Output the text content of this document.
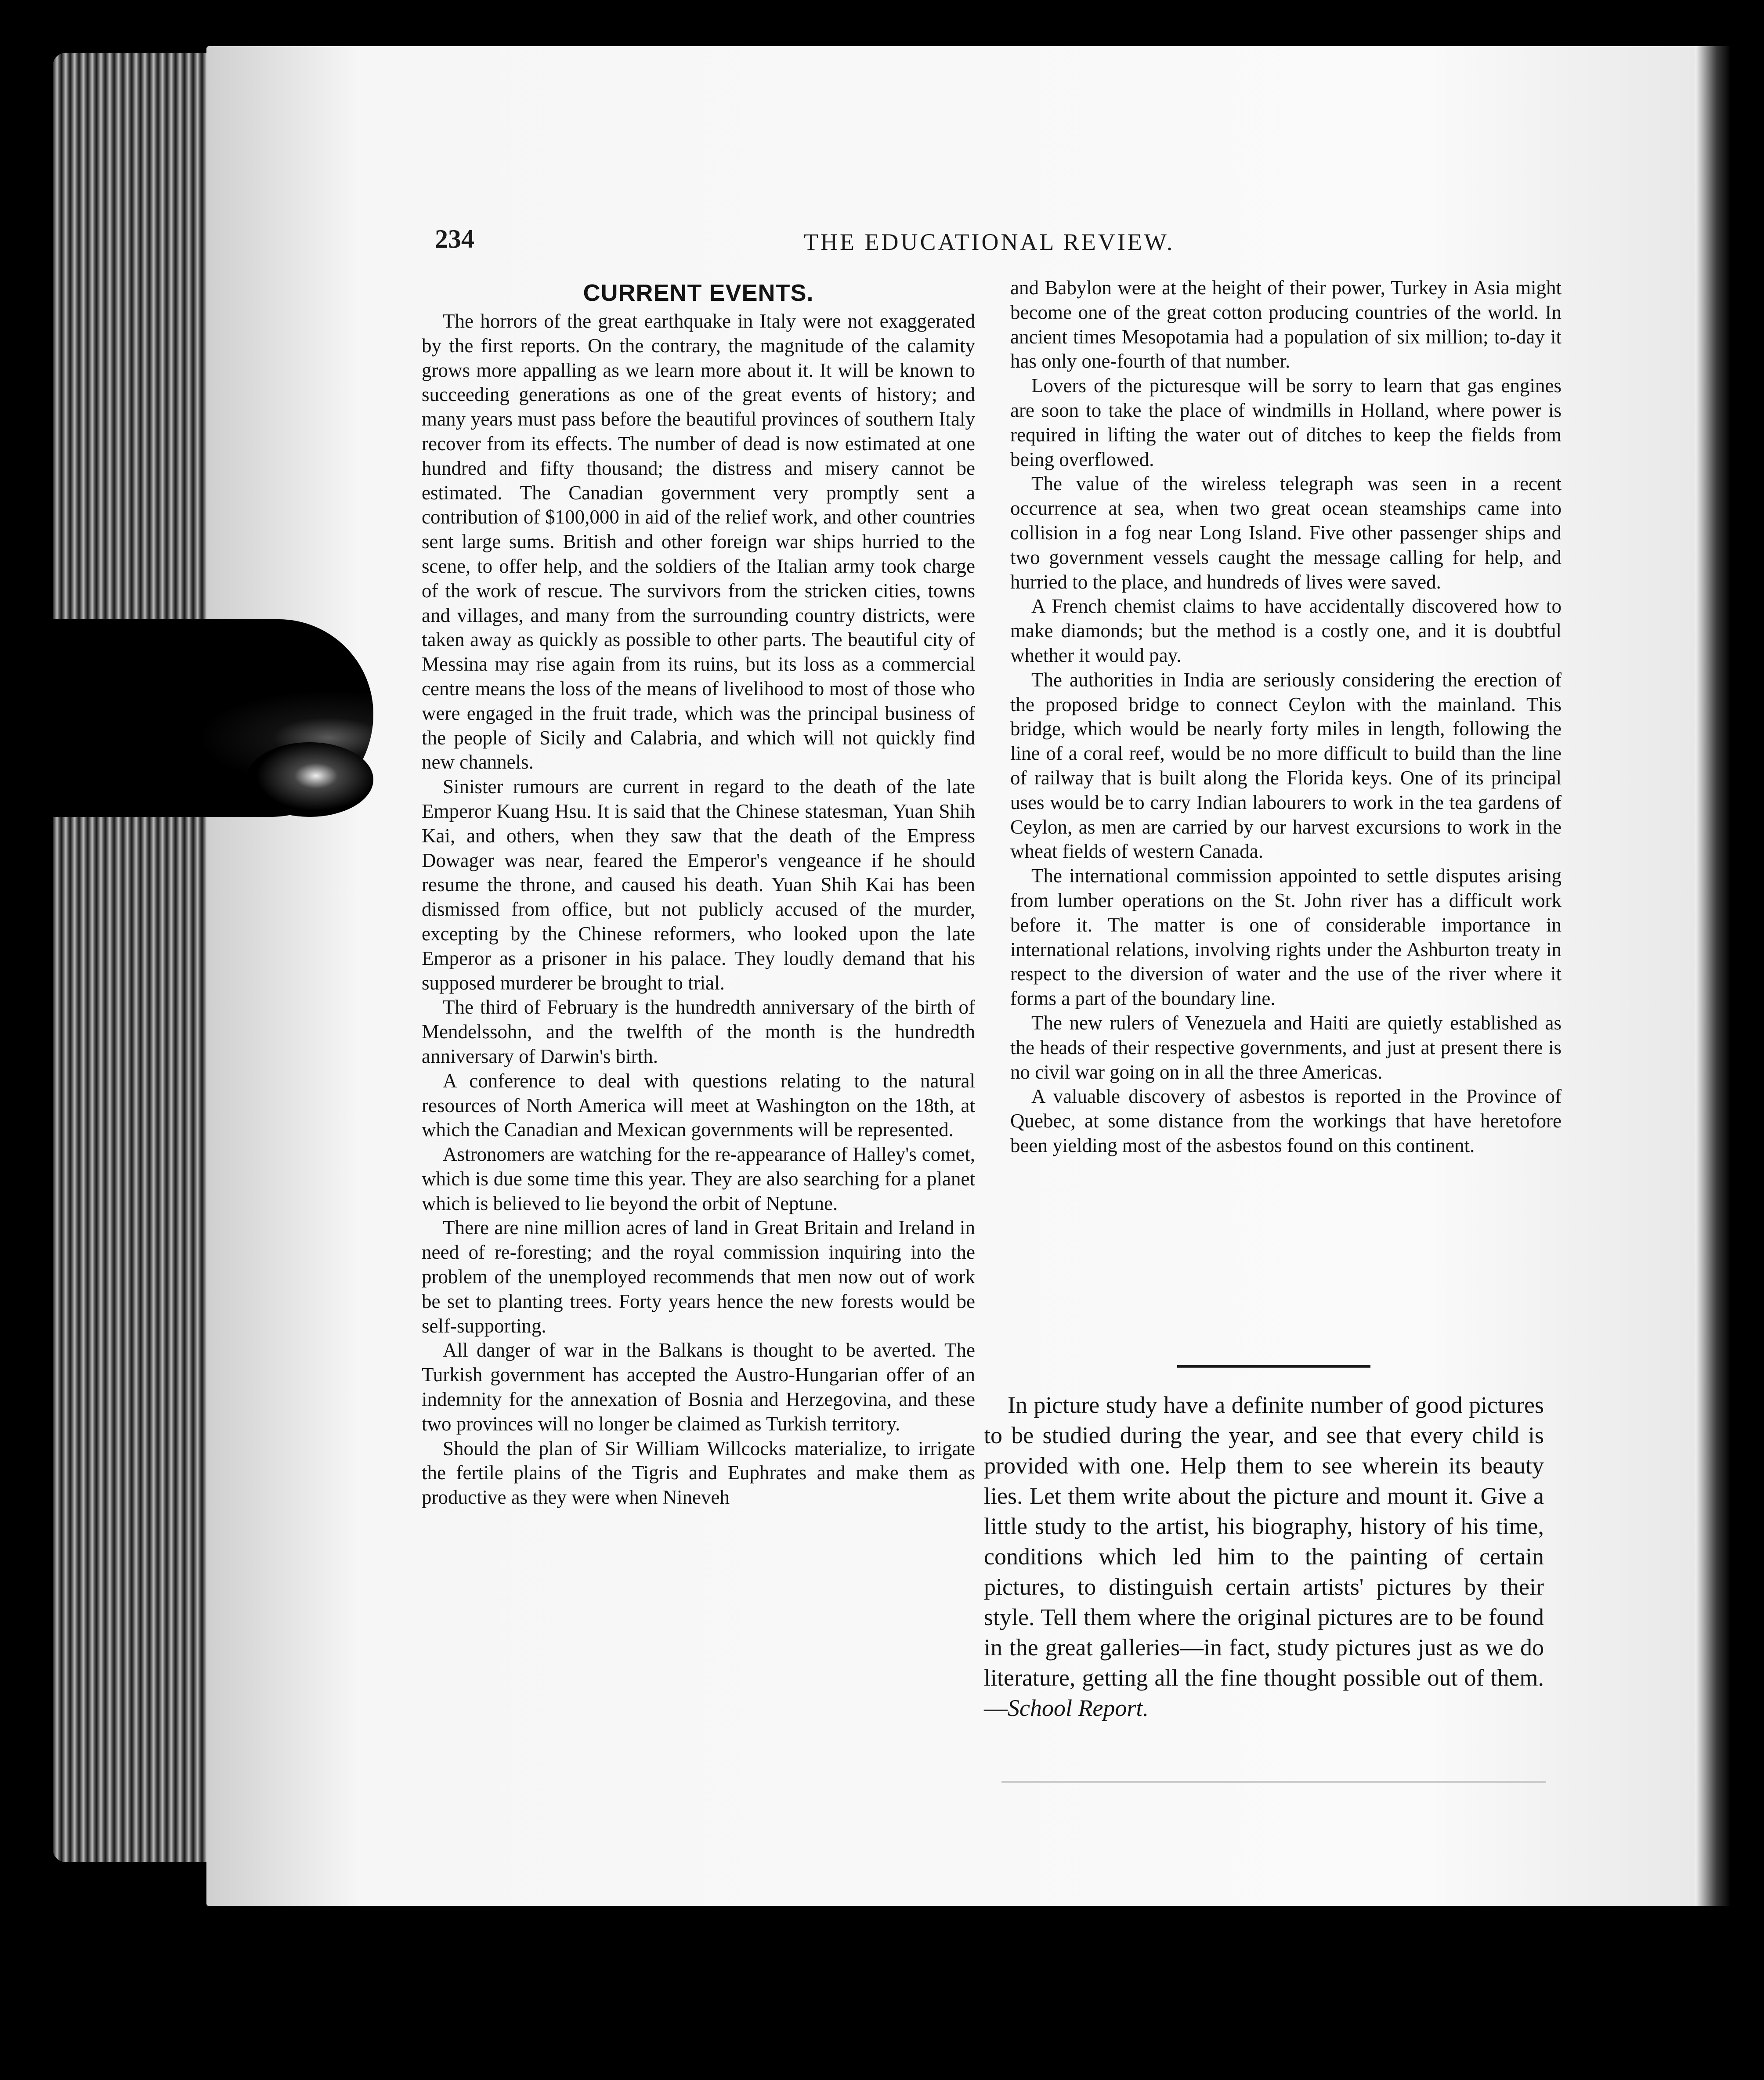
234	THE EDUCATIONAL REVIEW.
CURRENT EVENTS.

The horrors of the great earthquake in Italy were not exaggerated by the first reports. On the contrary, the magnitude of the calamity grows more appalling as we learn more about it. It will be known to succeeding generations as one of the great events of history; and many years must pass before the beautiful provinces of southern Italy recover from its effects. The number of dead is now estimated at one hundred and fifty thousand; the distress and misery cannot be estimated. The Canadian government very promptly sent a contribution of $100,000 in aid of the relief work, and other countries sent large sums. British and other foreign war ships hurried to the scene, to offer help, and the soldiers of the Italian army took charge of the work of rescue. The survivors from the stricken cities, towns and villages, and many from the surrounding country districts, were taken away as quickly as possible to other parts. The beautiful city of Messina may rise again from its ruins, but its loss as a commercial centre means the loss of the means of livelihood to most of those who were engaged in the fruit trade, which was the principal business of the people of Sicily and Calabria, and which will not quickly find new channels.

Sinister rumours are current in regard to the death of the late Emperor Kuang Hsu. It is said that the Chinese statesman, Yuan Shih Kai, and others, when they saw that the death of the Empress Dowager was near, feared the Emperor's vengeance if he should resume the throne, and caused his death. Yuan Shih Kai has been dismissed from office, but not publicly accused of the murder, excepting by the Chinese reformers, who looked upon the late Emperor as a prisoner in his palace. They loudly demand that his supposed murderer be brought to trial.

The third of February is the hundredth anniversary of the birth of Mendelssohn, and the twelfth of the month is the hundredth anniversary of Darwin's birth.

A conference to deal with questions relating to the natural resources of North America will meet at Washington on the 18th, at which the Canadian and Mexican governments will be represented.

Astronomers are watching for the re-appearance of Halley's comet, which is due some time this year. They are also searching for a planet which is believed to lie beyond the orbit of Neptune.

There are nine million acres of land in Great Britain and Ireland in need of re-foresting; and the royal commission inquiring into the problem of the unemployed recommends that men now out of work be set to planting trees. Forty years hence the new forests would be self-supporting.

All danger of war in the Balkans is thought to be averted. The Turkish government has accepted the Austro-Hungarian offer of an indemnity for the annexation of Bosnia and Herzegovina, and these two provinces will no longer be claimed as Turkish territory.

Should the plan of Sir William Willcocks materialize, to irrigate the fertile plains of the Tigris and Euphrates and make them as productive as they were when Nineveh

and Babylon were at the height of their power, Turkey in Asia might become one of the great cotton producing countries of the world. In ancient times Mesopotamia had a population of six million; to-day it has only one-fourth of that number.

Lovers of the picturesque will be sorry to learn that gas engines are soon to take the place of windmills in Holland, where power is required in lifting the water out of ditches to keep the fields from being overflowed.

The value of the wireless telegraph was seen in a recent occurrence at sea, when two great ocean steamships came into collision in a fog near Long Island. Five other passenger ships and two government vessels caught the message calling for help, and hurried to the place, and hundreds of lives were saved.

A French chemist claims to have accidentally discovered how to make diamonds; but the method is a costly one, and it is doubtful whether it would pay.

The authorities in India are seriously considering the erection of the proposed bridge to connect Ceylon with the mainland. This bridge, which would be nearly forty miles in length, following the line of a coral reef, would be no more difficult to build than the line of railway that is built along the Florida keys. One of its principal uses would be to carry Indian labourers to work in the tea gardens of Ceylon, as men are carried by our harvest excursions to work in the wheat fields of western Canada.

The international commission appointed to settle disputes arising from lumber operations on the St. John river has a difficult work before it. The matter is one of considerable importance in international relations, involving rights under the Ashburton treaty in respect to the diversion of water and the use of the river where it forms a part of the boundary line.

The new rulers of Venezuela and Haiti are quietly established as the heads of their respective governments, and just at present there is no civil war going on in all the three Americas.

A valuable discovery of asbestos is reported in the Province of Quebec, at some distance from the workings that have heretofore been yielding most of the asbestos found on this continent.

In picture study have a definite number of good pictures to be studied during the year, and see that every child is provided with one. Help them to see wherein its beauty lies. Let them write about the picture and mount it. Give a little study to the artist, his biography, history of his time, conditions which led him to the painting of certain pictures, to distinguish certain artists' pictures by their style. Tell them where the original pictures are to be found in the great galleries—in fact, study pictures just as we do literature, getting all the fine thought possible out of them.—School Report.
